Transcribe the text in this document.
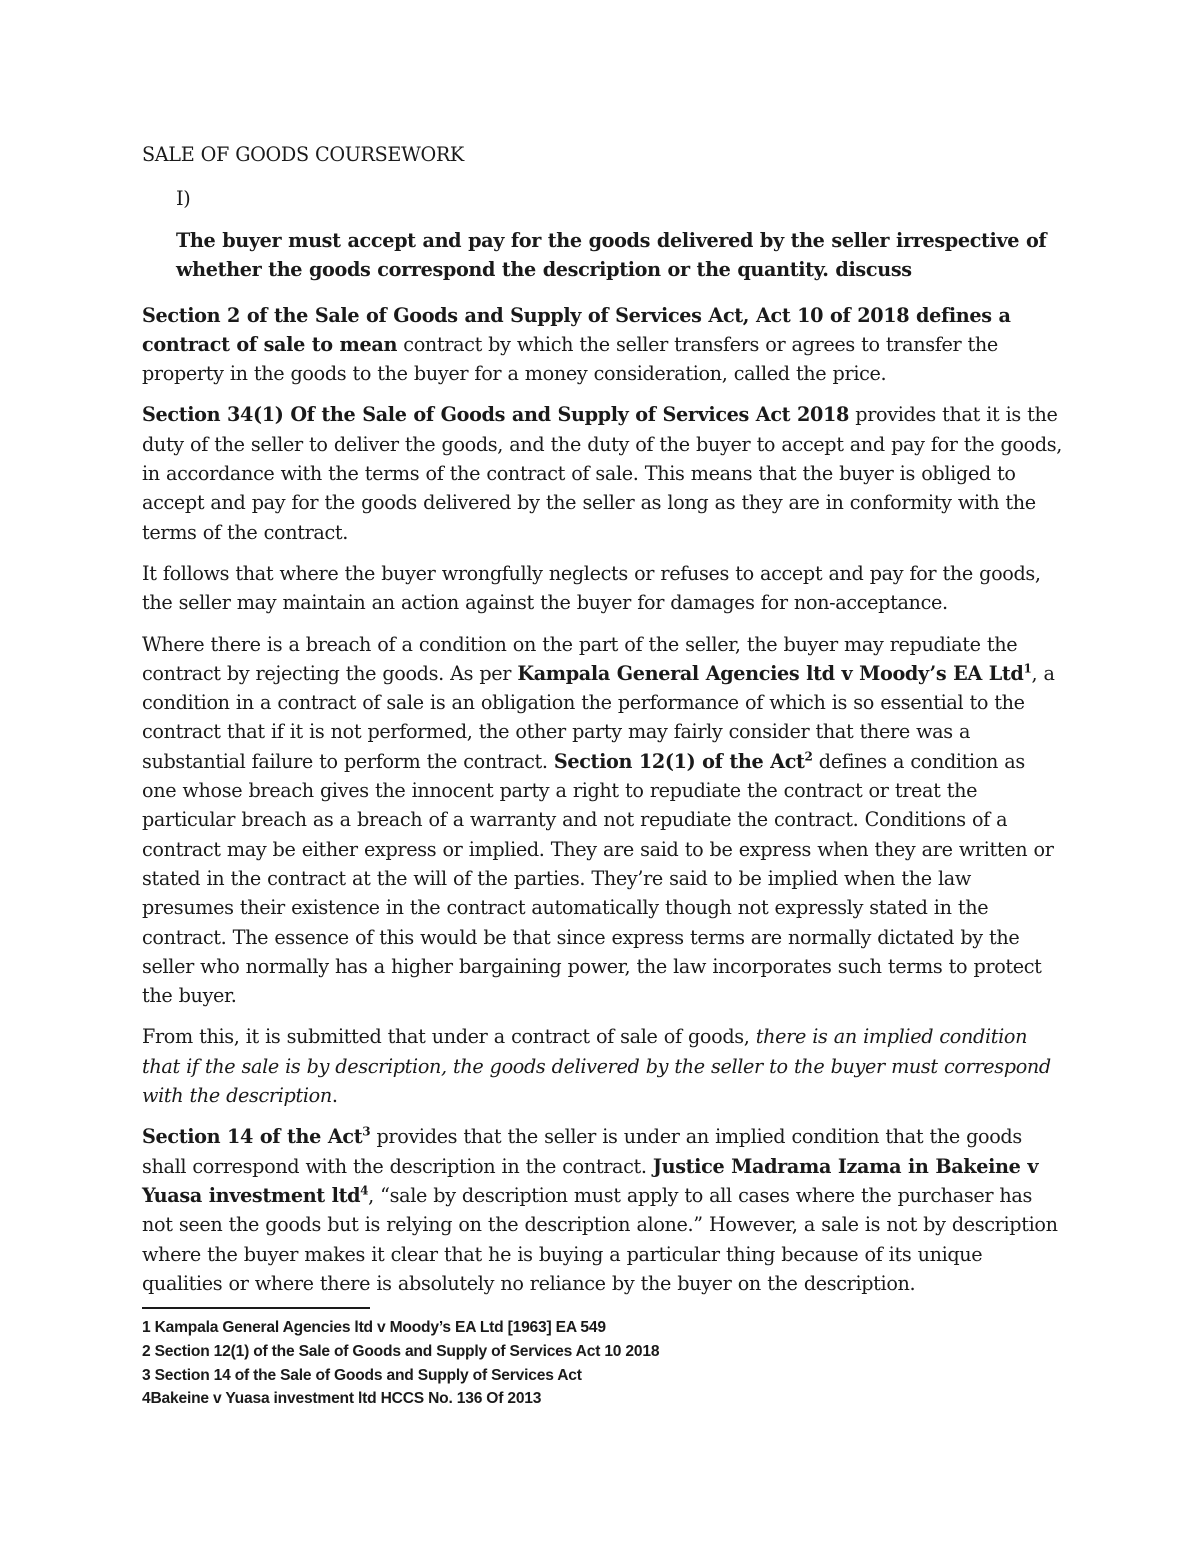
SALE OF GOODS COURSEWORK
I)
The buyer must accept and pay for the goods delivered by the seller irrespective of whether the goods correspond the description or the quantity. discuss

Section 2 of the Sale of Goods and Supply of Services Act, Act 10 of 2018 defines a contract of sale to mean contract by which the seller transfers or agrees to transfer the property in the goods to the buyer for a money consideration, called the price.

Section 34(1) Of the Sale of Goods and Supply of Services Act 2018 provides that it is the duty of the seller to deliver the goods, and the duty of the buyer to accept and pay for the goods, in accordance with the terms of the contract of sale. This means that the buyer is obliged to accept and pay for the goods delivered by the seller as long as they are in conformity with the terms of the contract.

It follows that where the buyer wrongfully neglects or refuses to accept and pay for the goods, the seller may maintain an action against the buyer for damages for non-acceptance.

Where there is a breach of a condition on the part of the seller, the buyer may repudiate the contract by rejecting the goods. As per Kampala General Agencies ltd v Moody’s EA Ltd$^1$, a condition in a contract of sale is an obligation the performance of which is so essential to the contract that if it is not performed, the other party may fairly consider that there was a substantial failure to perform the contract. Section 12(1) of the Act$^2$ defines a condition as one whose breach gives the innocent party a right to repudiate the contract or treat the particular breach as a breach of a warranty and not repudiate the contract. Conditions of a contract may be either express or implied. They are said to be express when they are written or stated in the contract at the will of the parties. They’re said to be implied when the law presumes their existence in the contract automatically though not expressly stated in the contract. The essence of this would be that since express terms are normally dictated by the seller who normally has a higher bargaining power, the law incorporates such terms to protect the buyer.

From this, it is submitted that under a contract of sale of goods, there is an implied condition that if the sale is by description, the goods delivered by the seller to the buyer must correspond with the description.

Section 14 of the Act$^3$ provides that the seller is under an implied condition that the goods shall correspond with the description in the contract. Justice Madrama Izama in Bakeine v Yuasa investment ltd$^4$, “sale by description must apply to all cases where the purchaser has not seen the goods but is relying on the description alone.” However, a sale is not by description where the buyer makes it clear that he is buying a particular thing because of its unique qualities or where there is absolutely no reliance by the buyer on the description.

1 Kampala General Agencies ltd v Moody’s EA Ltd [1963] EA 549

2 Section 12(1) of the Sale of Goods and Supply of Services Act 10 2018

3 Section 14 of the Sale of Goods and Supply of Services Act

4Bakeine v Yuasa investment ltd HCCS No. 136 Of 2013
